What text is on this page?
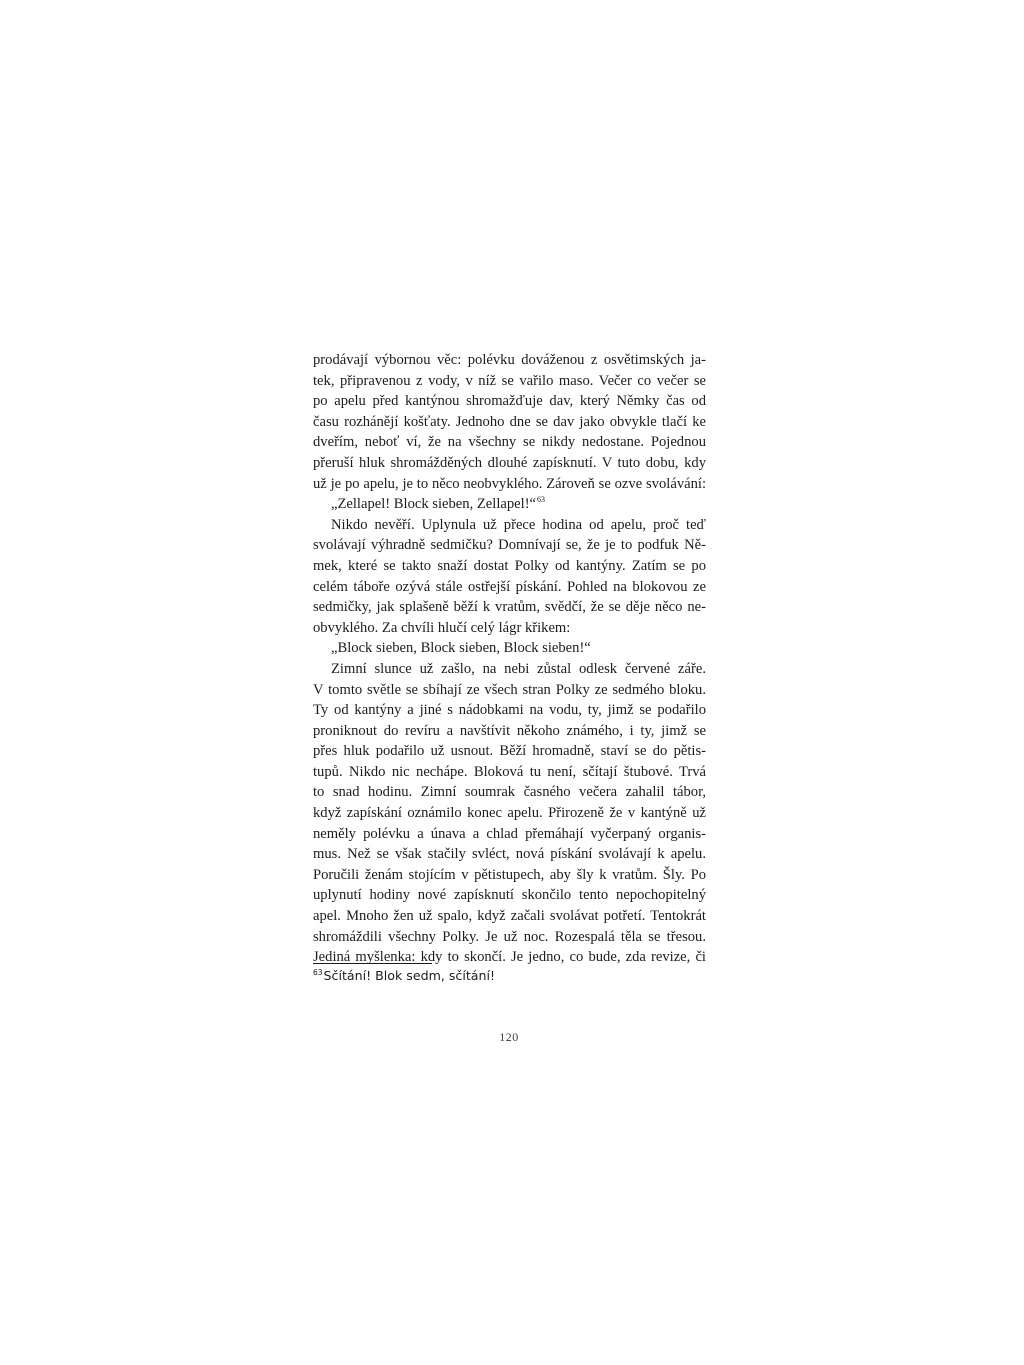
prodávají výbornou věc: polévku dováženou z osvětimských ja-
tek, připravenou z vody, v níž se vařilo maso. Večer co večer se
po apelu před kantýnou shromažďuje dav, který Němky čas od
času rozhánějí košťaty. Jednoho dne se dav jako obvykle tlačí ke
dveřím, neboť ví, že na všechny se nikdy nedostane. Pojednou
přeruší hluk shromážděných dlouhé zapísknutí. V tuto dobu, kdy
už je po apelu, je to něco neobvyklého. Zároveň se ozve svolávání:
„Zellapel! Block sieben, Zellapel!“$^{63}$
Nikdo nevěří. Uplynula už přece hodina od apelu, proč teď
svolávají výhradně sedmičku? Domnívají se, že je to podfuk Ně-
mek, které se takto snaží dostat Polky od kantýny. Zatím se po
celém táboře ozývá stále ostřejší pískání. Pohled na blokovou ze
sedmičky, jak splašeně běží k vratům, svědčí, že se děje něco ne-
obvyklého. Za chvíli hlučí celý lágr křikem:
„Block sieben, Block sieben, Block sieben!“
Zimní slunce už zašlo, na nebi zůstal odlesk červené záře.
V tomto světle se sbíhají ze všech stran Polky ze sedmého bloku.
Ty od kantýny a jiné s nádobkami na vodu, ty, jimž se podařilo
proniknout do revíru a navštívit někoho známého, i ty, jimž se
přes hluk podařilo už usnout. Běží hromadně, staví se do pětis-
tupů. Nikdo nic nechápe. Bloková tu není, sčítají štubové. Trvá
to snad hodinu. Zimní soumrak časného večera zahalil tábor,
když zapískání oznámilo konec apelu. Přirozeně že v kantýně už
neměly polévku a únava a chlad přemáhají vyčerpaný organis-
mus. Než se však stačily svléct, nová pískání svolávají k apelu.
Poručili ženám stojícím v pětistupech, aby šly k vratům. Šly. Po
uplynutí hodiny nové zapísknutí skončilo tento nepochopitelný
apel. Mnoho žen už spalo, když začali svolávat potřetí. Tentokrát
shromáždili všechny Polky. Je už noc. Rozespalá těla se třesou.
Jediná myšlenka: kdy to skončí. Je jedno, co bude, zda revize, či
$^{63}$Sčítání! Blok sedm, sčítání!
120
